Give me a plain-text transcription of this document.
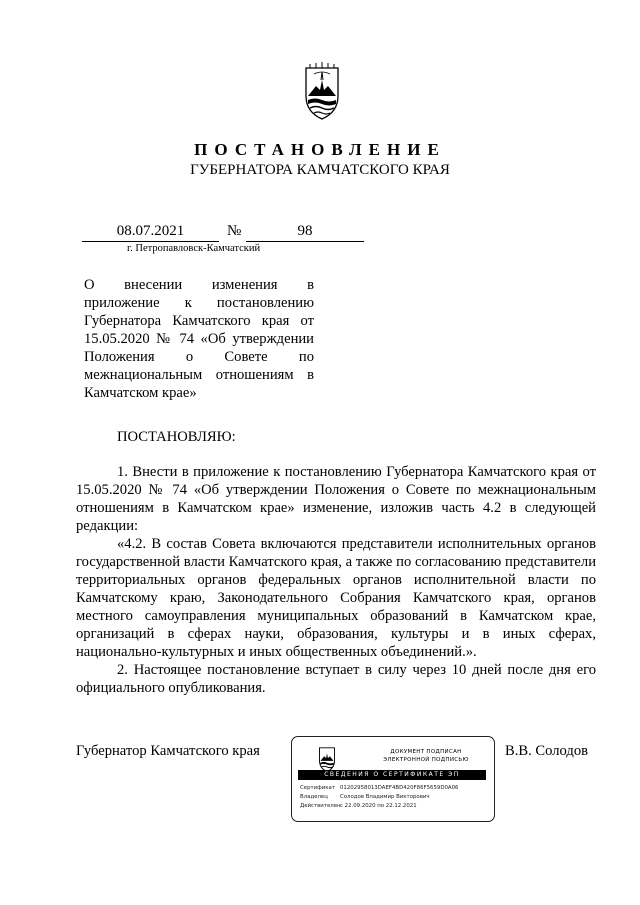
ПОСТАНОВЛЕНИЕ
ГУБЕРНАТОРА КАМЧАТСКОГО КРАЯ
08.07.2021	№	98
г. Петропавловск-Камчатский
О внесении изменения в приложение к постановлению Губернатора Камчатского края от 15.05.2020 № 74 «Об утверждении Положения о Совете по межнациональным отношениям в Камчатском крае»
ПОСТАНОВЛЯЮ:

1. Внести в приложение к постановлению Губернатора Камчатского края от 15.05.2020 № 74 «Об утверждении Положения о Совете по межнациональным отношениям в Камчатском крае» изменение, изложив часть 4.2 в следующей редакции:

«4.2. В состав Совета включаются представители исполнительных органов государственной власти Камчатского края, а также по согласованию представители территориальных органов федеральных органов исполнительной власти по Камчатскому краю, Законодательного Собрания Камчатского края, органов местного самоуправления муниципальных образований в Камчатском крае, организаций в сферах науки, образования, культуры и в иных сферах, национально-культурных и иных общественных объединений.».

2. Настоящее постановление вступает в силу через 10 дней после дня его официального опубликования.

Губернатор Камчатского края	В.В. Солодов
ДОКУМЕНТ ПОДПИСАН
ЭЛЕКТРОННОЙ ПОДПИСЬЮ
СВЕДЕНИЯ О СЕРТИФИКАТЕ ЭП
Сертификат 01202958013DAEF4BD420F86F5659D0A06
Владелец Солодов Владимир Викторович
Действителенс 22.09.2020 по 22.12.2021
